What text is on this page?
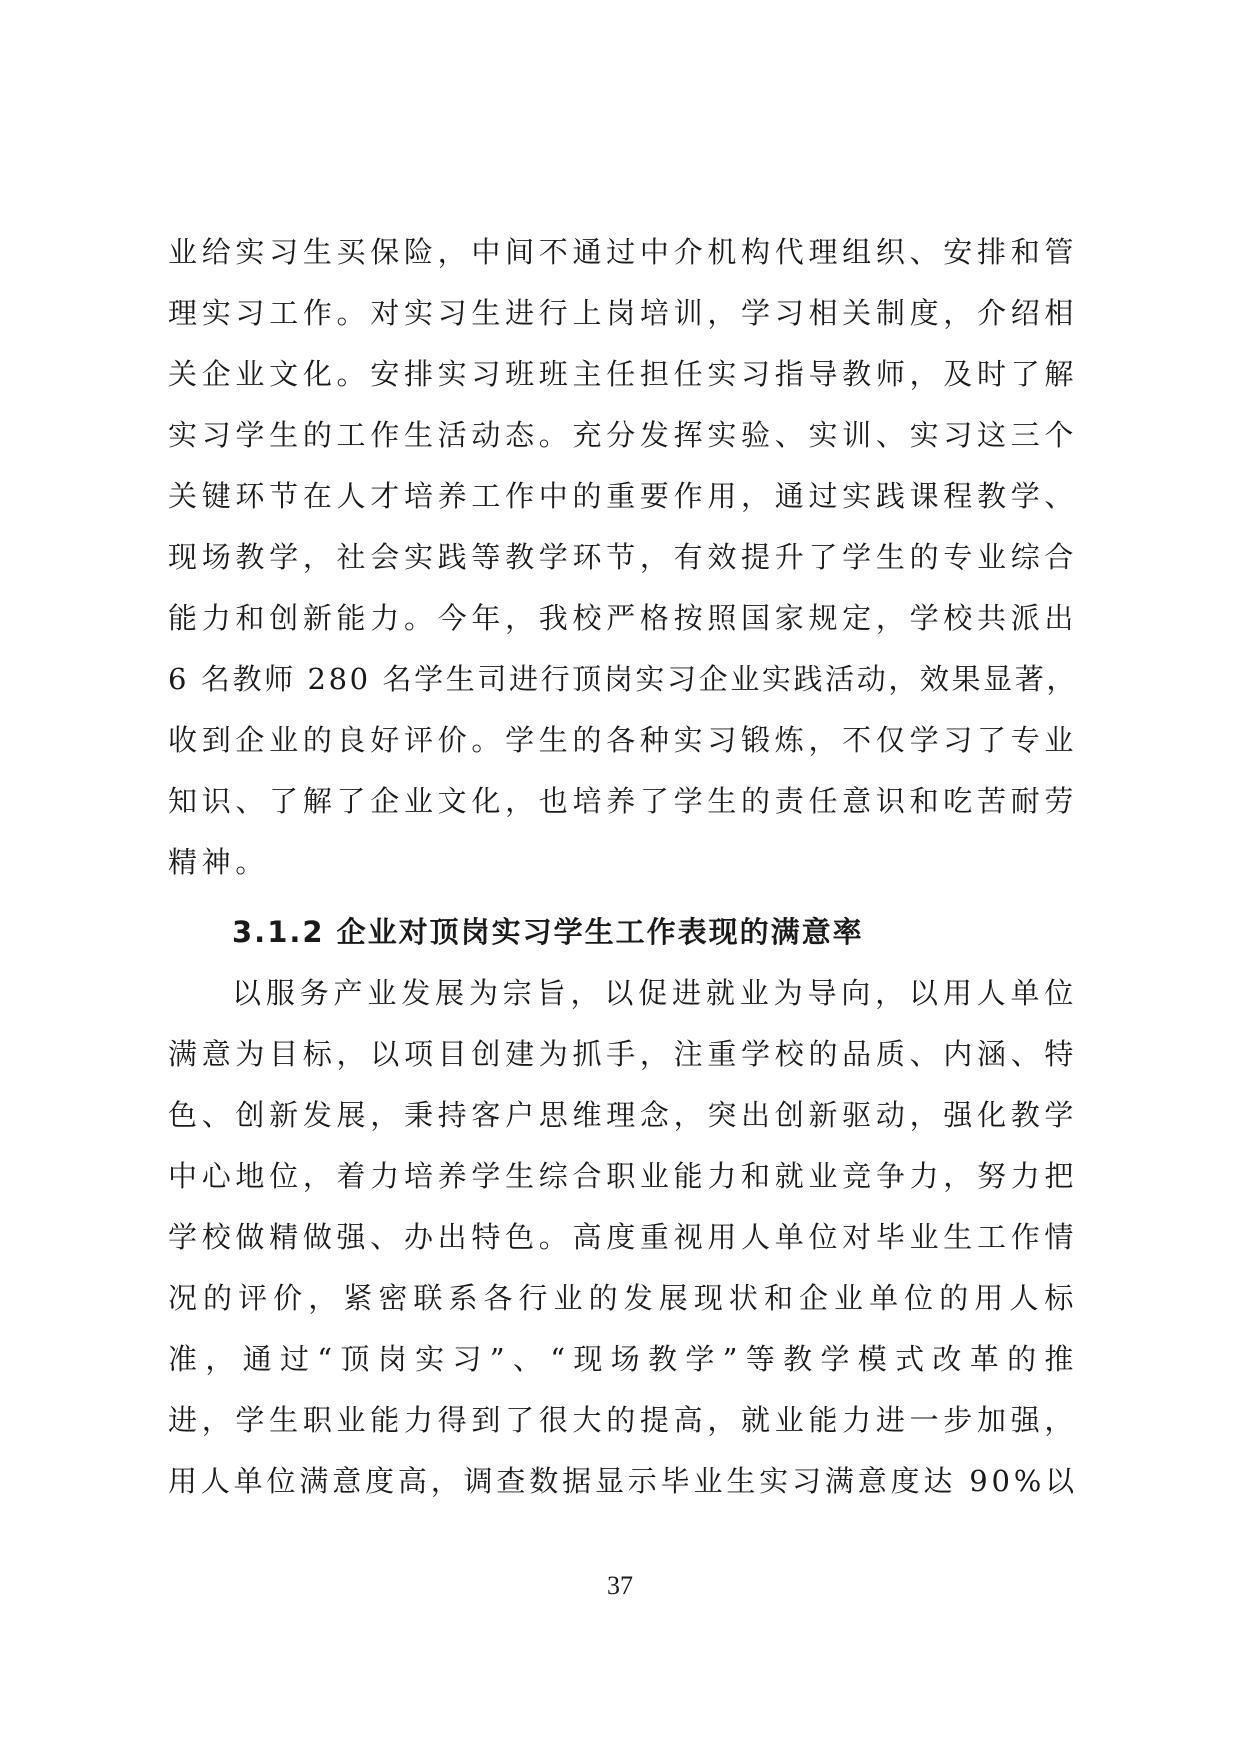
业给实习生买保险，中间不通过中介机构代理组织、安排和管
理实习工作。对实习生进行上岗培训，学习相关制度，介绍相
关企业文化。安排实习班班主任担任实习指导教师，及时了解
实习学生的工作生活动态。充分发挥实验、实训、实习这三个
关键环节在人才培养工作中的重要作用，通过实践课程教学、
现场教学，社会实践等教学环节，有效提升了学生的专业综合
能力和创新能力。今年，我校严格按照国家规定，学校共派出
6 名教师 280 名学生司进行顶岗实习企业实践活动，效果显著，
收到企业的良好评价。学生的各种实习锻炼，不仅学习了专业
知识、了解了企业文化，也培养了学生的责任意识和吃苦耐劳
精神。
3.1.2 企业对顶岗实习学生工作表现的满意率
以服务产业发展为宗旨，以促进就业为导向，以用人单位
满意为目标，以项目创建为抓手，注重学校的品质、内涵、特
色、创新发展，秉持客户思维理念，突出创新驱动，强化教学
中心地位，着力培养学生综合职业能力和就业竞争力，努力把
学校做精做强、办出特色。高度重视用人单位对毕业生工作情
况的评价，紧密联系各行业的发展现状和企业单位的用人标
准，通过“顶岗实习”、“现场教学”等教学模式改革的推
进，学生职业能力得到了很大的提高，就业能力进一步加强，
用人单位满意度高，调查数据显示毕业生实习满意度达 90%以
37
